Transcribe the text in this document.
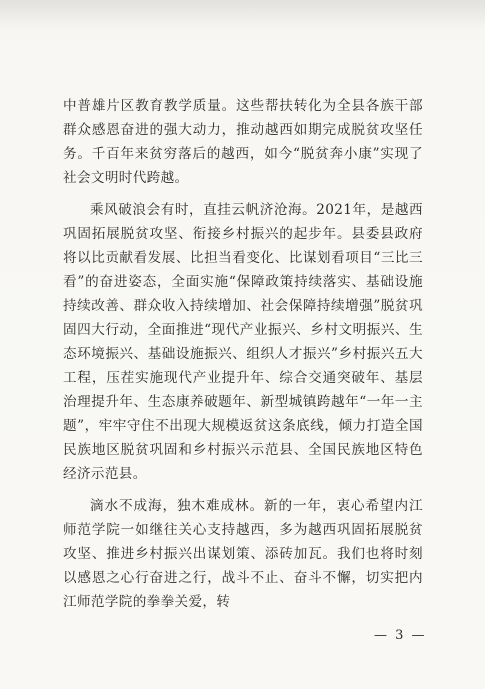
中普雄片区教育教学质量。这些帮扶转化为全县各族干部群众感恩奋进的强大动力，推动越西如期完成脱贫攻坚任务。千百年来贫穷落后的越西，如今“脱贫奔小康”实现了社会文明时代跨越。

乘风破浪会有时，直挂云帆济沧海。2021年，是越西巩固拓展脱贫攻坚、衔接乡村振兴的起步年。县委县政府将以比贡献看发展、比担当看变化、比谋划看项目“三比三看”的奋进姿态，全面实施“保障政策持续落实、基础设施持续改善、群众收入持续增加、社会保障持续增强”脱贫巩固四大行动，全面推进“现代产业振兴、乡村文明振兴、生态环境振兴、基础设施振兴、组织人才振兴”乡村振兴五大工程，压茬实施现代产业提升年、综合交通突破年、基层治理提升年、生态康养破题年、新型城镇跨越年“一年一主题”，牢牢守住不出现大规模返贫这条底线，倾力打造全国民族地区脱贫巩固和乡村振兴示范县、全国民族地区特色经济示范县。

滴水不成海，独木难成林。新的一年，衷心希望内江师范学院一如继往关心支持越西，多为越西巩固拓展脱贫攻坚、推进乡村振兴出谋划策、添砖加瓦。我们也将时刻以感恩之心行奋进之行，战斗不止、奋斗不懈，切实把内江师范学院的拳拳关爱，转

— 3 —
